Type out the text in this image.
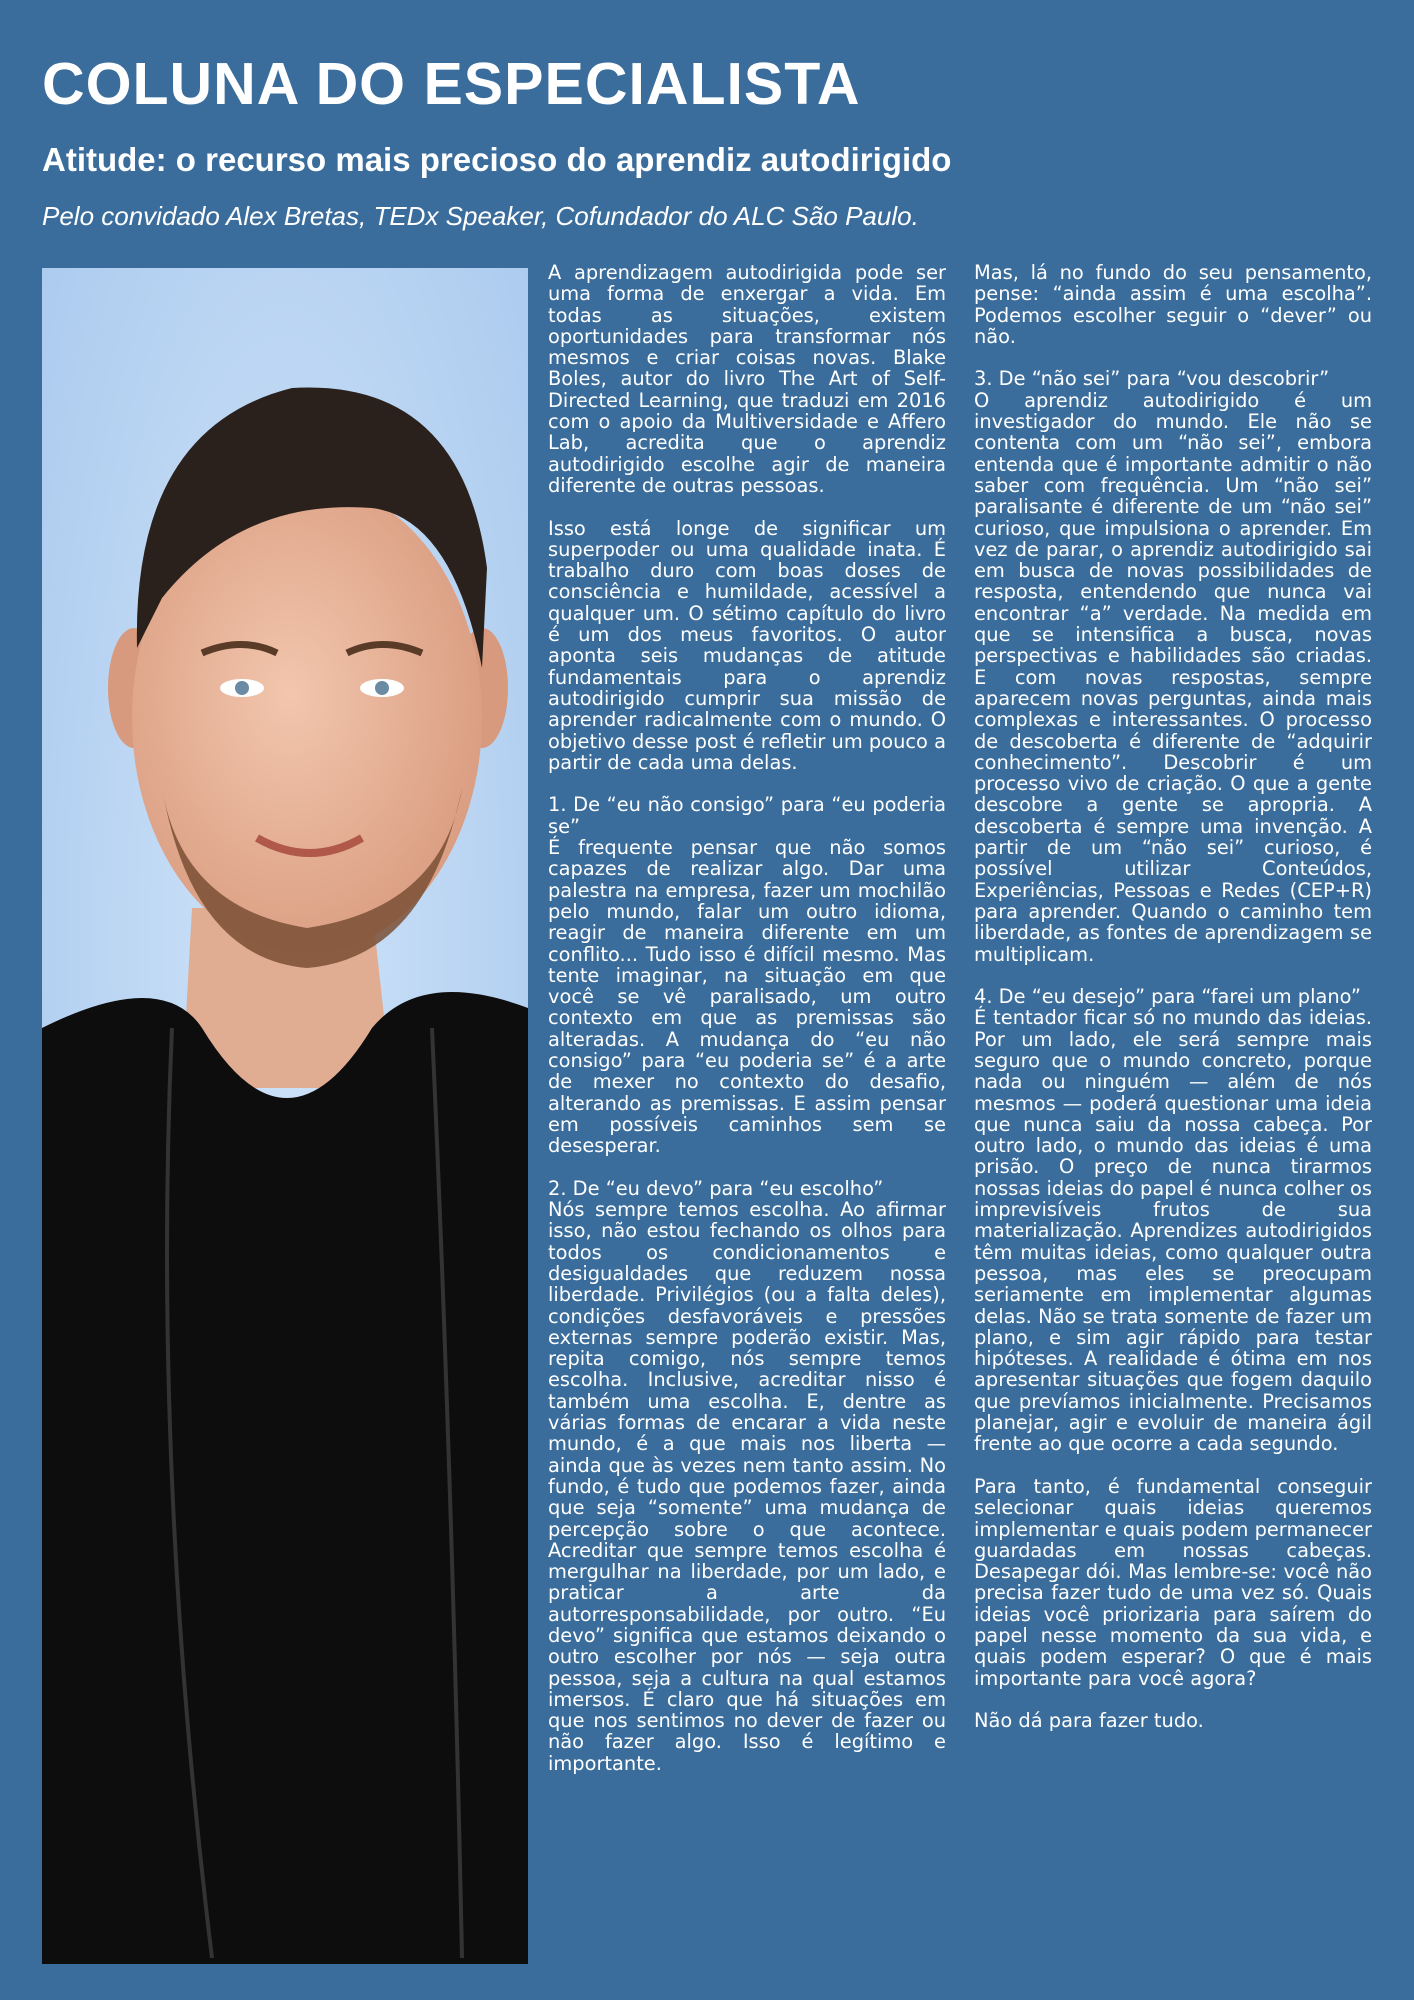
COLUNA DO ESPECIALISTA
Atitude: o recurso mais precioso do aprendiz autodirigido

Pelo convidado Alex Bretas, TEDx Speaker, Cofundador do ALC São Paulo.

A aprendizagem autodirigida pode ser uma forma de enxergar a vida. Em todas as situações, existem oportunidades para transformar nós mesmos e criar coisas novas. Blake Boles, autor do livro The Art of Self-Directed Learning, que traduzi em 2016 com o apoio da Multiversidade e Affero Lab, acredita que o aprendiz autodirigido escolhe agir de maneira diferente de outras pessoas.

Isso está longe de significar um superpoder ou uma qualidade inata. É trabalho duro com boas doses de consciência e humildade, acessível a qualquer um. O sétimo capítulo do livro é um dos meus favoritos. O autor aponta seis mudanças de atitude fundamentais para o aprendiz autodirigido cumprir sua missão de aprender radicalmente com o mundo. O objetivo desse post é refletir um pouco a partir de cada uma delas.

1. De “eu não consigo” para “eu poderia se”
É frequente pensar que não somos capazes de realizar algo. Dar uma palestra na empresa, fazer um mochilão pelo mundo, falar um outro idioma, reagir de maneira diferente em um conflito... Tudo isso é difícil mesmo. Mas tente imaginar, na situação em que você se vê paralisado, um outro contexto em que as premissas são alteradas. A mudança do “eu não consigo” para “eu poderia se” é a arte de mexer no contexto do desafio, alterando as premissas. E assim pensar em possíveis caminhos sem se desesperar.

2. De “eu devo” para “eu escolho”
Nós sempre temos escolha. Ao afirmar isso, não estou fechando os olhos para todos os condicionamentos e desigualdades que reduzem nossa liberdade. Privilégios (ou a falta deles), condições desfavoráveis e pressões externas sempre poderão existir. Mas, repita comigo, nós sempre temos escolha. Inclusive, acreditar nisso é também uma escolha. E, dentre as várias formas de encarar a vida neste mundo, é a que mais nos liberta — ainda que às vezes nem tanto assim. No fundo, é tudo que podemos fazer, ainda que seja “somente” uma mudança de percepção sobre o que acontece. Acreditar que sempre temos escolha é mergulhar na liberdade, por um lado, e praticar a arte da autorresponsabilidade, por outro. “Eu devo” significa que estamos deixando o outro escolher por nós — seja outra pessoa, seja a cultura na qual estamos imersos. É claro que há situações em que nos sentimos no dever de fazer ou não fazer algo. Isso é legítimo e importante.

Mas, lá no fundo do seu pensamento, pense: “ainda assim é uma escolha”. Podemos escolher seguir o “dever” ou não.

3. De “não sei” para “vou descobrir”
O aprendiz autodirigido é um investigador do mundo. Ele não se contenta com um “não sei”, embora entenda que é importante admitir o não saber com frequência. Um “não sei” paralisante é diferente de um “não sei” curioso, que impulsiona o aprender. Em vez de parar, o aprendiz autodirigido sai em busca de novas possibilidades de resposta, entendendo que nunca vai encontrar “a” verdade. Na medida em que se intensifica a busca, novas perspectivas e habilidades são criadas. E com novas respostas, sempre aparecem novas perguntas, ainda mais complexas e interessantes. O processo de descoberta é diferente de “adquirir conhecimento”. Descobrir é um processo vivo de criação. O que a gente descobre a gente se apropria. A descoberta é sempre uma invenção. A partir de um “não sei” curioso, é possível utilizar Conteúdos, Experiências, Pessoas e Redes (CEP+R) para aprender. Quando o caminho tem liberdade, as fontes de aprendizagem se multiplicam.

4. De “eu desejo” para “farei um plano”
É tentador ficar só no mundo das ideias. Por um lado, ele será sempre mais seguro que o mundo concreto, porque nada ou ninguém — além de nós mesmos — poderá questionar uma ideia que nunca saiu da nossa cabeça. Por outro lado, o mundo das ideias é uma prisão. O preço de nunca tirarmos nossas ideias do papel é nunca colher os imprevisíveis frutos de sua materialização. Aprendizes autodirigidos têm muitas ideias, como qualquer outra pessoa, mas eles se preocupam seriamente em implementar algumas delas. Não se trata somente de fazer um plano, e sim agir rápido para testar hipóteses. A realidade é ótima em nos apresentar situações que fogem daquilo que prevíamos inicialmente. Precisamos planejar, agir e evoluir de maneira ágil frente ao que ocorre a cada segundo.

Para tanto, é fundamental conseguir selecionar quais ideias queremos implementar e quais podem permanecer guardadas em nossas cabeças. Desapegar dói. Mas lembre-se: você não precisa fazer tudo de uma vez só. Quais ideias você priorizaria para saírem do papel nesse momento da sua vida, e quais podem esperar? O que é mais importante para você agora?

Não dá para fazer tudo.
